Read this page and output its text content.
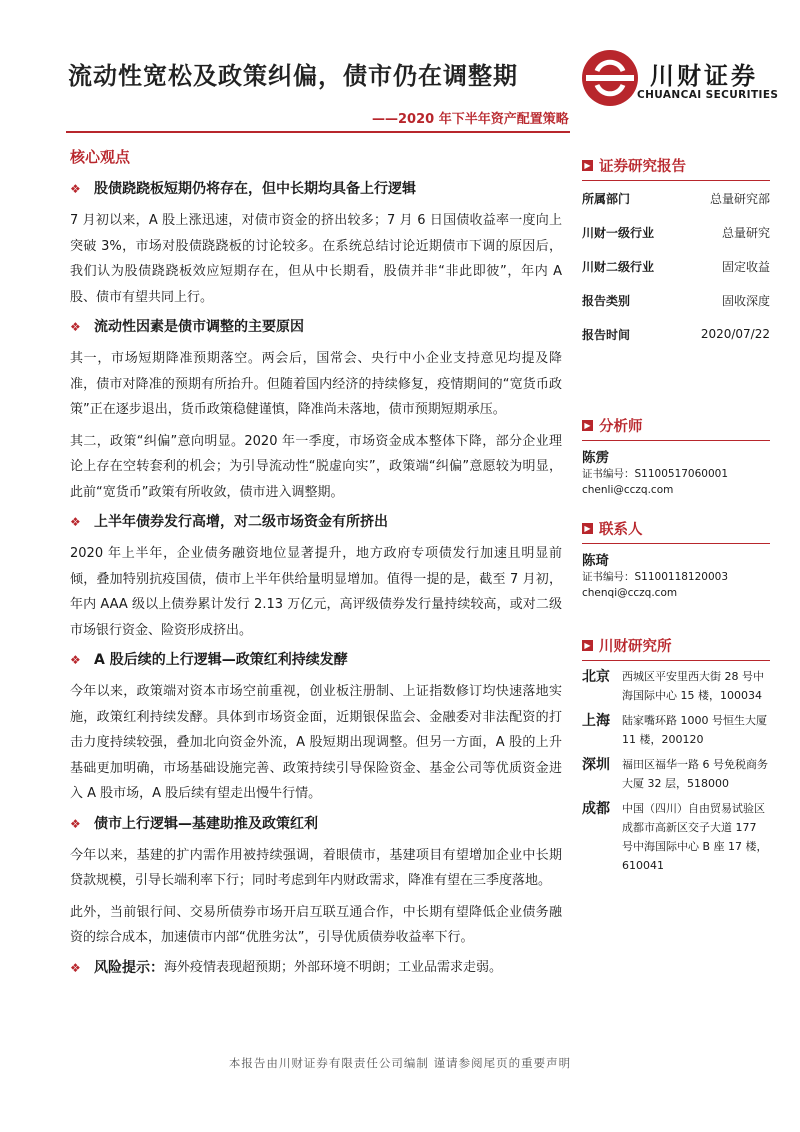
流动性宽松及政策纠偏，债市仍在调整期
——2020 年下半年资产配置策略
川财证券
CHUANCAI SECURITIES
核心观点
❖ 股债跷跷板短期仍将存在，但中长期均具备上行逻辑

7 月初以来，A 股上涨迅速，对债市资金的挤出较多；7 月 6 日国债收益率一度向上突破 3%，市场对股债跷跷板的讨论较多。在系统总结讨论近期债市下调的原因后，我们认为股债跷跷板效应短期存在，但从中长期看，股债并非“非此即彼”，年内 A 股、债市有望共同上行。

❖ 流动性因素是债市调整的主要原因

其一，市场短期降准预期落空。两会后，国常会、央行中小企业支持意见均提及降准，债市对降准的预期有所抬升。但随着国内经济的持续修复，疫情期间的“宽货币政策”正在逐步退出，货币政策稳健谨慎，降准尚未落地，债市预期短期承压。

其二，政策“纠偏”意向明显。2020 年一季度，市场资金成本整体下降，部分企业理论上存在空转套利的机会；为引导流动性“脱虚向实”，政策端“纠偏”意愿较为明显，此前“宽货币”政策有所收敛，债市进入调整期。

❖ 上半年债券发行高增，对二级市场资金有所挤出

2020 年上半年，企业债务融资地位显著提升，地方政府专项债发行加速且明显前倾，叠加特别抗疫国债，债市上半年供给量明显增加。值得一提的是，截至 7 月初，年内 AAA 级以上债券累计发行 2.13 万亿元，高评级债券发行量持续较高，或对二级市场银行资金、险资形成挤出。

❖ A 股后续的上行逻辑—政策红利持续发酵

今年以来，政策端对资本市场空前重视，创业板注册制、上证指数修订均快速落地实施，政策红利持续发酵。具体到市场资金面，近期银保监会、金融委对非法配资的打击力度持续较强，叠加北向资金外流，A 股短期出现调整。但另一方面，A 股的上升基础更加明确，市场基础设施完善、政策持续引导保险资金、基金公司等优质资金进入 A 股市场，A 股后续有望走出慢牛行情。

❖ 债市上行逻辑—基建助推及政策红利

今年以来，基建的扩内需作用被持续强调，着眼债市，基建项目有望增加企业中长期贷款规模，引导长端利率下行；同时考虑到年内财政需求，降准有望在三季度落地。

此外，当前银行间、交易所债券市场开启互联互通合作，中长期有望降低企业债务融资的综合成本，加速债市内部“优胜劣汰”，引导优质债券收益率下行。

❖ 风险提示： 海外疫情表现超预期；外部环境不明朗；工业品需求走弱。
▶ 证券研究报告
所属部门	总量研究部
川财一级行业	总量研究
川财二级行业	固定收益
报告类别	固收深度
报告时间	2020/07/22
▶ 分析师
陈雳
证书编号：S1100517060001
chenli@cczq.com
▶ 联系人
陈琦
证书编号：S1100118120003
chenqi@cczq.com
▶ 川财研究所
北京	西城区平安里西大街 28 号中海国际中心 15 楼，100034
上海	陆家嘴环路 1000 号恒生大厦 11 楼，200120
深圳	福田区福华一路 6 号免税商务大厦 32 层，518000
成都	中国（四川）自由贸易试验区成都市高新区交子大道 177 号中海国际中心 B 座 17 楼，610041
本报告由川财证券有限责任公司编制 谨请参阅尾页的重要声明
